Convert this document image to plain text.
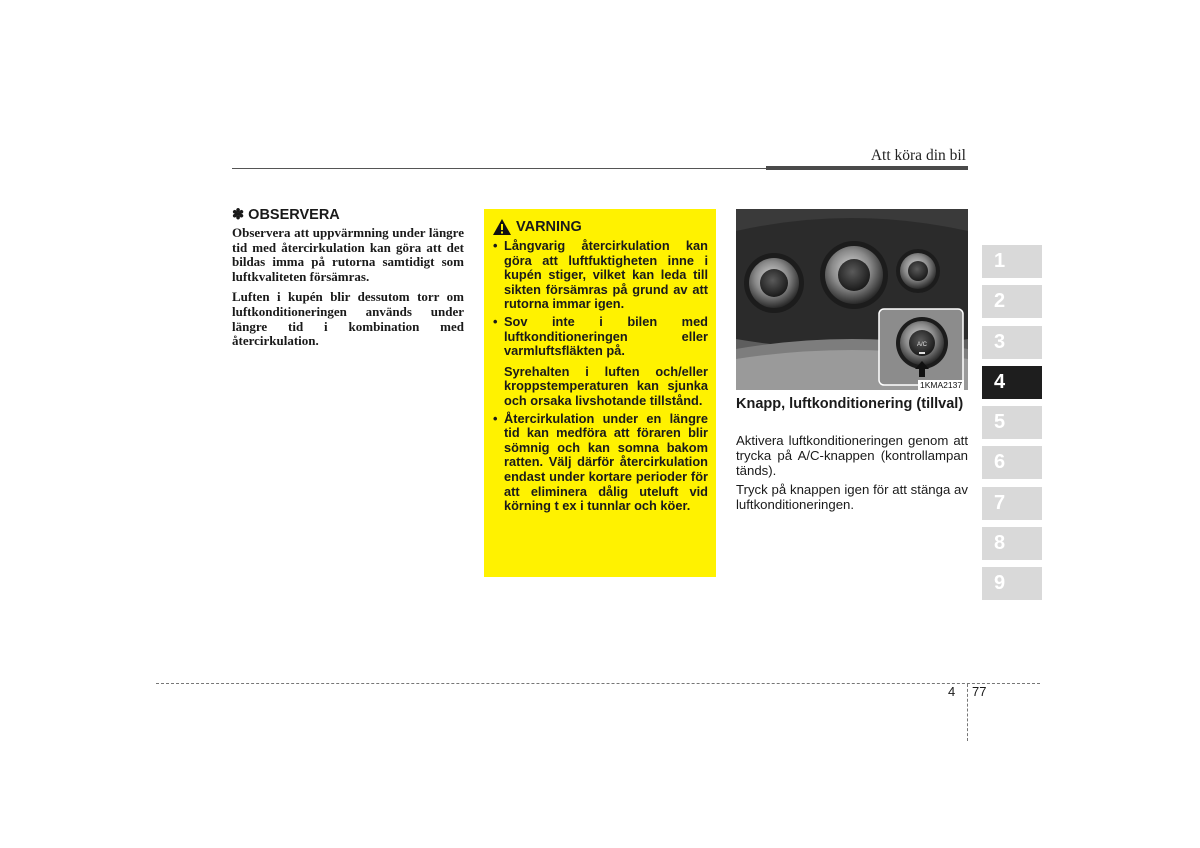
Att köra din bil
✽ OBSERVERA

Observera att uppvärmning under längre tid med återcirkulation kan göra att det bildas imma på rutorna samtidigt som luftkvaliteten försämras.

Luften i kupén blir dessutom torr om luftkonditioneringen används under längre tid i kombination med återcirkulation.

VARNING
• Långvarig återcirkulation kan göra att luftfuktigheten inne i kupén stiger, vilket kan leda till sikten försämras på grund av att rutorna immar igen.

• Sov inte i bilen med luftkonditioneringen eller varmluftsfläkten på.

Syrehalten i luften och/eller kroppstemperaturen kan sjunka och orsaka livshotande tillstånd.

• Återcirkulation under en längre tid kan medföra att föraren blir sömnig och kan somna bakom ratten. Välj därför återcirkulation endast under kortare perioder för att eliminera dålig uteluft vid körning t ex i tunnlar och köer.

A/C
1KMA2137
Knapp, luftkonditionering (tillval)

Aktivera luftkonditioneringen genom att trycka på A/C-knappen (kontrollampan tänds).

Tryck på knappen igen för att stänga av luftkonditioneringen.

1
2
3
4
5
6
7
8
9
4 77
